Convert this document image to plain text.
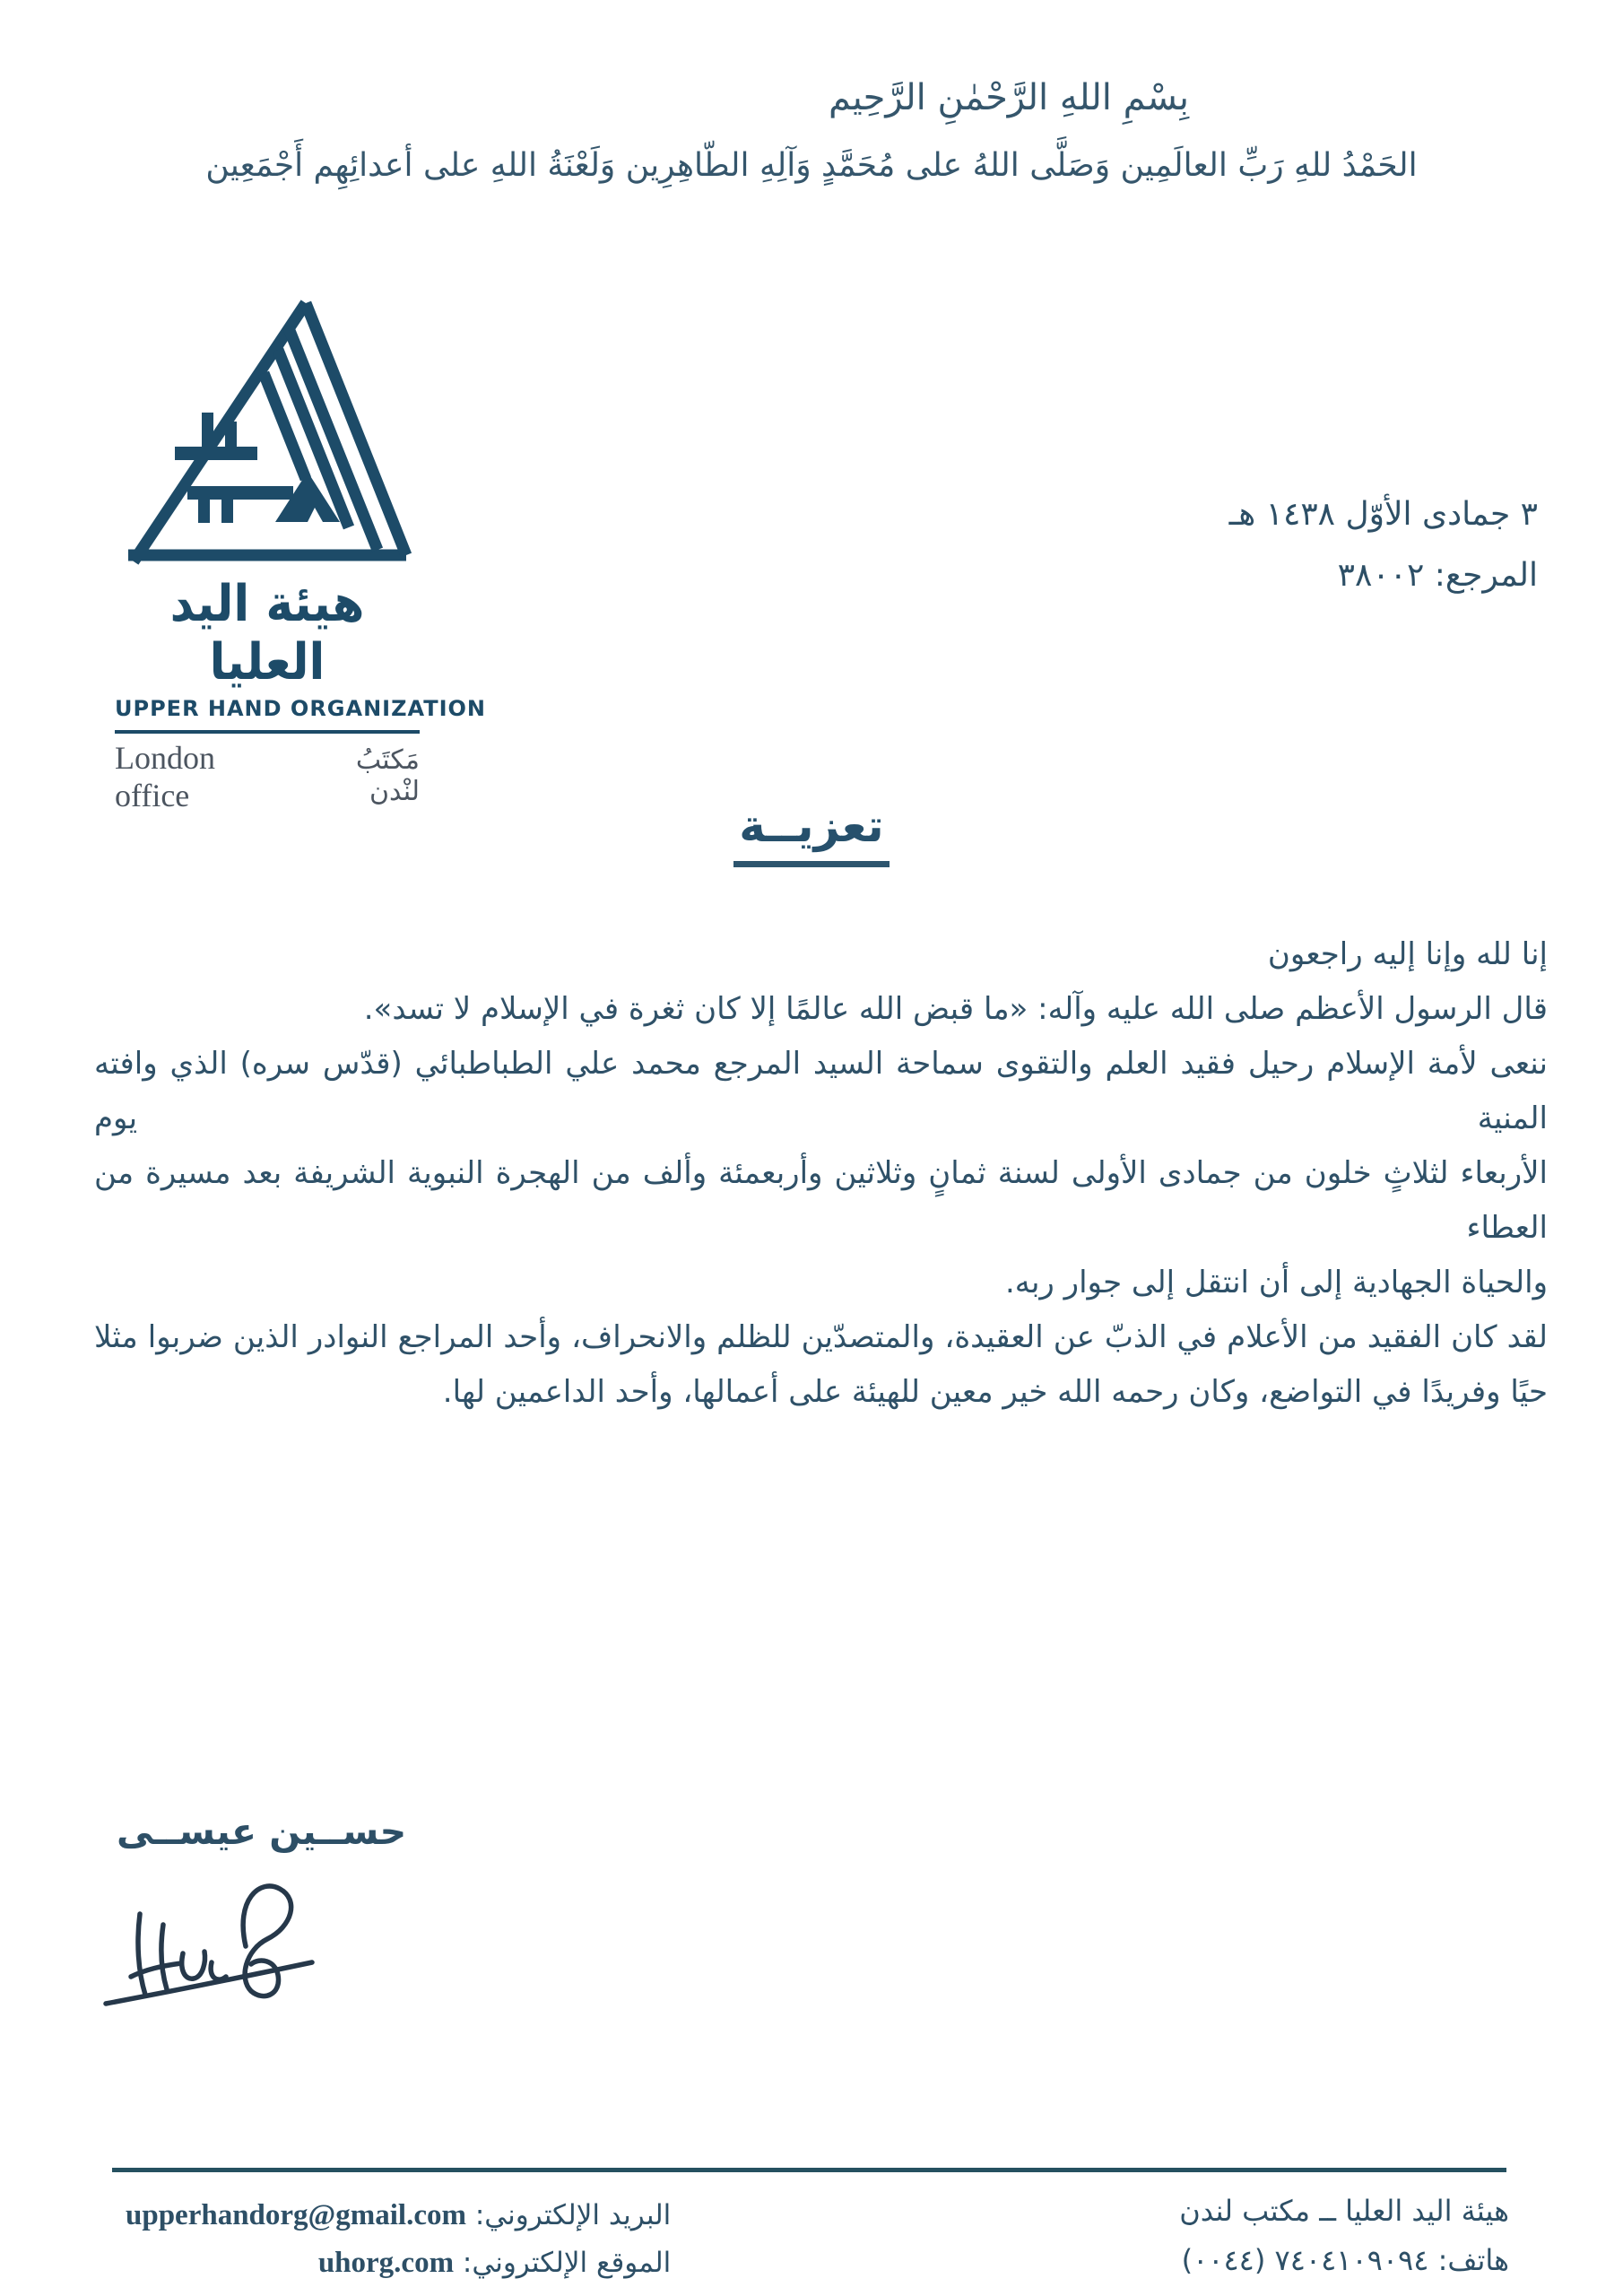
بِسْمِ اللهِ الرَّحْمٰنِ الرَّحِيم
الحَمْدُ للهِ رَبِّ العالَمِين وَصَلَّى اللهُ على مُحَمَّدٍ وَآلِهِ الطّاهِرِين وَلَعْنَةُ اللهِ على أعدائِهِم أَجْمَعِين
هيئة اليد العليا
UPPER HAND ORGANIZATION
London office
مَكتَبُ لنْدن
٣ جمادى الأوّل ١٤٣٨ هـ
المرجع: ٣٨٠٠٢
تعزيــة
إنا لله وإنا إليه راجعون
قال الرسول الأعظم صلى الله عليه وآله: «ما قبض الله عالمًا إلا كان ثغرة في الإسلام لا تسد».
ننعى لأمة الإسلام رحيل فقيد العلم والتقوى سماحة السيد المرجع محمد علي الطباطبائي (قدّس سره) الذي وافته المنية يوم
الأربعاء لثلاثٍ خلون من جمادى الأولى لسنة ثمانٍ وثلاثين وأربعمئة وألف من الهجرة النبوية الشريفة بعد مسيرة من العطاء
والحياة الجهادية إلى أن انتقل إلى جوار ربه.
لقد كان الفقيد من الأعلام في الذبّ عن العقيدة، والمتصدّين للظلم والانحراف، وأحد المراجع النوادر الذين ضربوا مثلا
حيًا وفريدًا في التواضع، وكان رحمه الله خير معين للهيئة على أعمالها، وأحد الداعمين لها.
حســين عيســى
البريد الإلكتروني: upperhandorg@gmail.com
الموقع الإلكتروني: uhorg.com
هيئة اليد العليا ــ مكتب لندن
هاتف: ٧٤٠٤١٠٩٠٩٤ (٠٠٤٤)
